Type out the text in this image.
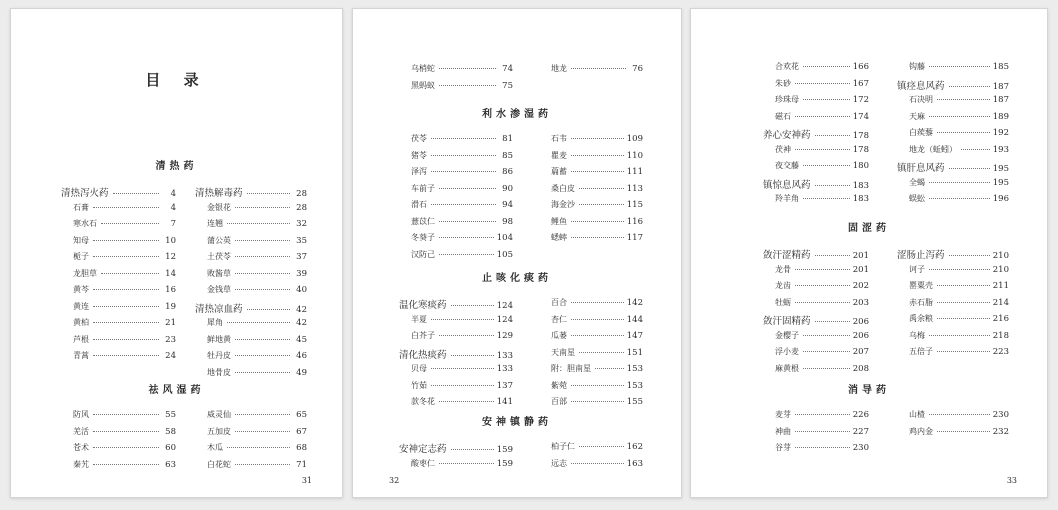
目 录
清热药
清热泻火药	4
石膏	4
寒水石	7
知母	10
栀子	12
龙胆草	14
黄芩	16
黄连	19
黄柏	21
芦根	23
青蒿	24
清热解毒药	28
金银花	28
连翘	32
蒲公英	35
土茯苓	37
败酱草	39
金钱草	40
清热凉血药	42
犀角	42
鲜地黄	45
牡丹皮	46
地骨皮	49
祛风湿药
防风	55
羌活	58
苍术	60
秦艽	63
威灵仙	65
五加皮	67
木瓜	68
白花蛇	71
31
乌梢蛇	74
黑蚂蚁	75
地龙	76
利水渗湿药
茯苓	81
猪苓	85
泽泻	86
车前子	90
滑石	94
薏苡仁	98
冬葵子	104
汉防己	105
石韦	109
瞿麦	110
萹蓄	111
桑白皮	113
海金沙	115
鲤鱼	116
蟋蟀	117
止咳化痰药
温化寒痰药	124
半夏	124
白芥子	129
清化热痰药	133
贝母	133
竹茹	137
款冬花	141
百合	142
杏仁	144
瓜蒌	147
天南星	151
附：胆南星	153
紫菀	153
百部	155
安神镇静药
安神定志药	159
酸枣仁	159
柏子仁	162
远志	163
32
合欢花	166
朱砂	167
珍珠母	172
磁石	174
养心安神药	178
茯神	178
夜交藤	180
镇惊息风药	183
羚羊角	183
钩藤	185
镇痉息风药	187
石决明	187
天麻	189
白蒺藜	192
地龙（蚯蚓）	193
镇肝息风药	195
全蝎	195
蜈蚣	196
固涩药
敛汗涩精药	201
龙骨	201
龙齿	202
牡蛎	203
敛汗固精药	206
金樱子	206
浮小麦	207
麻黄根	208
涩肠止泻药	210
诃子	210
罂粟壳	211
赤石脂	214
禹余粮	216
乌梅	218
五倍子	223
消导药
麦芽	226
神曲	227
谷芽	230
山楂	230
鸡内金	232
33
